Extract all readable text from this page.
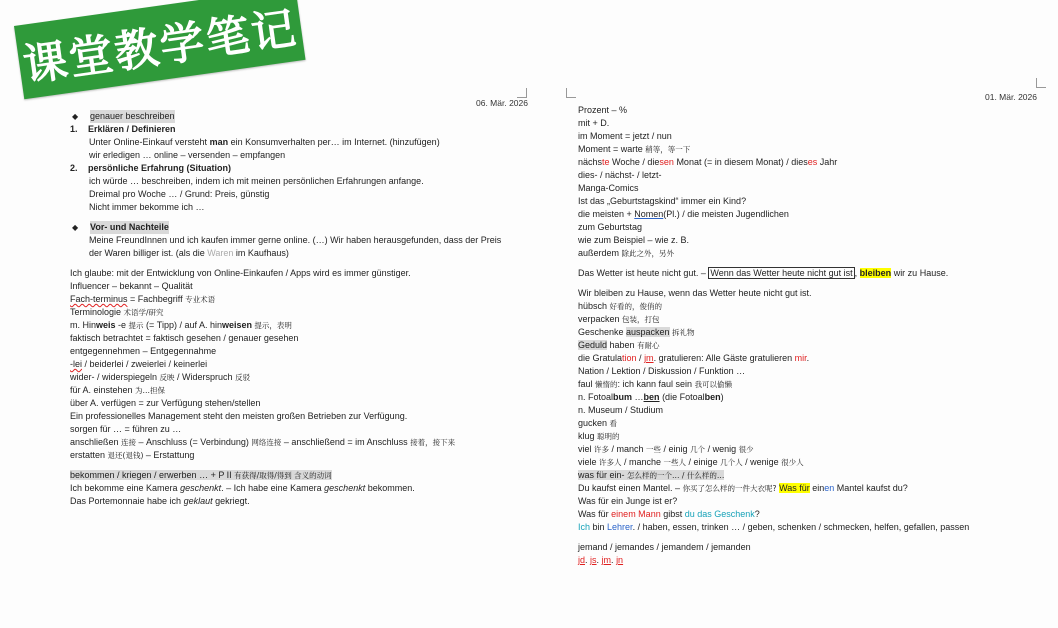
课堂教学笔记
06. Mär. 2026
01. Mär. 2026
◆	genauer beschreiben
1.	Erklären / Definieren
Unter Online-Einkauf versteht man ein Konsumverhalten per… im Internet. (hinzufügen)
wir erledigen … online – versenden – empfangen
2.	persönliche Erfahrung (Situation)
ich würde … beschreiben, indem ich mit meinen persönlichen Erfahrungen anfange.
Dreimal pro Woche … / Grund: Preis, günstig
Nicht immer bekomme ich …
◆	Vor- und Nachteile
Meine FreundInnen und ich kaufen immer gerne online. (…) Wir haben herausgefunden, dass der Preis
der Waren billiger ist. (als die Waren im Kaufhaus)
Ich glaube: mit der Entwicklung von Online-Einkaufen / Apps wird es immer günstiger.
Influencer – bekannt – Qualität
Fach-terminus = Fachbegriff 专业术语
Terminologie 术语学/研究
m. Hinweis -e 提示 (= Tipp) / auf A. hinweisen 提示，表明
faktisch betrachtet = faktisch gesehen / genauer gesehen
entgegennehmen – Entgegennahme
-lei / beiderlei / zweierlei / keinerlei
wider- / widerspiegeln 反映 / Widerspruch 反驳
für A. einstehen 为…担保
über A. verfügen = zur Verfügung stehen/stellen
Ein professionelles Management steht den meisten großen Betrieben zur Verfügung.
sorgen für … = führen zu …
anschließen 连接 – Anschluss (= Verbindung) 网络连接 – anschließend = im Anschluss 接着，接下来
erstatten 退还(退钱) – Erstattung
bekommen / kriegen / erwerben … + P II 有获得/取得/得到 含义的动词
Ich bekomme eine Kamera geschenkt. – Ich habe eine Kamera geschenkt bekommen.
Das Portemonnaie habe ich geklaut gekriegt.
Prozent – %
mit + D.
im Moment = jetzt / nun
Moment = warte 稍等，等一下
nächste Woche / diesen Monat (= in diesem Monat) / dieses Jahr
dies- / nächst- / letzt-
Manga-Comics
Ist das „Geburtstagskind“ immer ein Kind?
die meisten + Nomen(Pl.) / die meisten Jugendlichen
zum Geburtstag
wie zum Beispiel – wie z. B.
außerdem 除此之外，另外
Das Wetter ist heute nicht gut. – Wenn das Wetter heute nicht gut ist , bleiben wir zu Hause.
Wir bleiben zu Hause, wenn das Wetter heute nicht gut ist.
hübsch 好看的，俊俏的
verpacken 包装，打包
Geschenke auspacken 拆礼物
Geduld haben 有耐心
die Gratulation / jm. gratulieren: Alle Gäste gratulieren mir.
Nation / Lektion / Diskussion / Funktion …
faul 懒惰的: ich kann faul sein 我可以偷懒
n. Fotoalbum …ben (die Fotoalben)
n. Museum / Studium
gucken 看
klug 聪明的
viel 许多 / manch 一些 / einig 几个 / wenig 很少
viele 许多人 / manche 一些人 / einige 几个人 / wenige 很少人
was für ein- 怎么样的一个… / 什么样的…
Du kaufst einen Mantel. – 你买了怎么样的一件大衣呢? Was für einen Mantel kaufst du?
Was für ein Junge ist er?
Was für einem Mann gibst du das Geschenk?
Ich bin Lehrer. / haben, essen, trinken … / geben, schenken / schmecken, helfen, gefallen, passen
jemand / jemandes / jemandem / jemanden
jd. js. jm. jn
